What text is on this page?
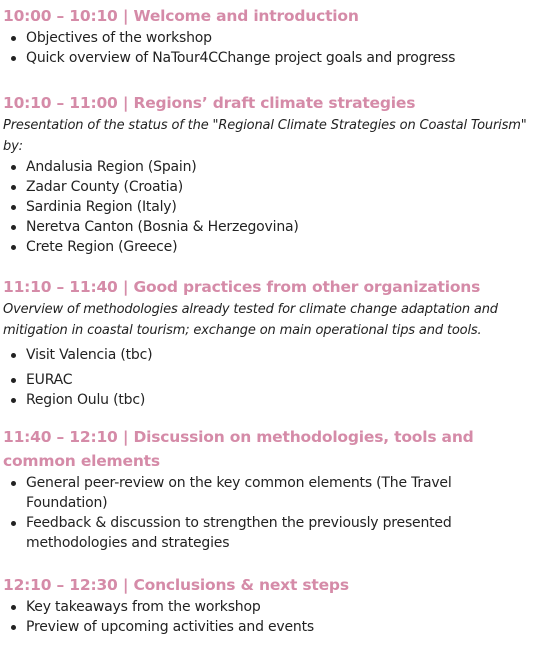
10:00 – 10:10 | Welcome and introduction
Objectives of the workshop
Quick overview of NaTour4CChange project goals and progress
10:10 – 11:00 | Regions’ draft climate strategies

Presentation of the status of the "Regional Climate Strategies on Coastal Tourism" by:

Andalusia Region (Spain)
Zadar County (Croatia)
Sardinia Region (Italy)
Neretva Canton (Bosnia & Herzegovina)
Crete Region (Greece)
11:10 – 11:40 | Good practices from other organizations

Overview of methodologies already tested for climate change adaptation and mitigation in coastal tourism; exchange on main operational tips and tools.

Visit Valencia (tbc)
EURAC
Region Oulu (tbc)
11:40 – 12:10 | Discussion on methodologies, tools and common elements
General peer-review on the key common elements (The Travel Foundation)
Feedback & discussion to strengthen the previously presented methodologies and strategies
12:10 – 12:30 | Conclusions & next steps
Key takeaways from the workshop
Preview of upcoming activities and events
